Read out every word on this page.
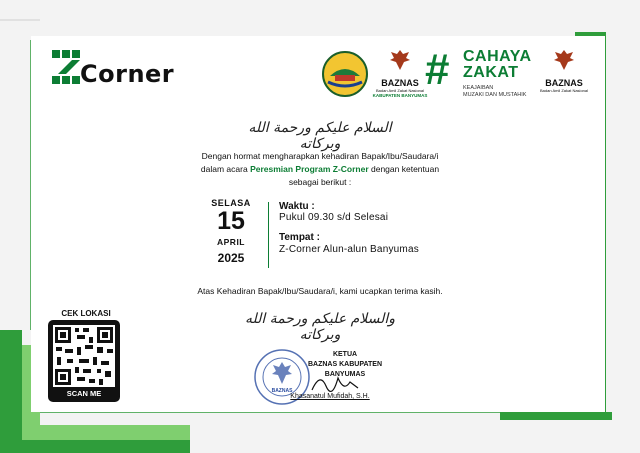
Corner	BAZNAS
Badan Amil Zakat Nasional
KABUPATEN BANYUMAS
# CAHAYA
ZAKAT
KEAJAIBAN
MUZAKI DAN MUSTAHIK
BAZNAS
Badan Amil Zakat Nasional
السلام عليكم ورحمة الله وبركاته
Dengan hormat mengharapkan kehadiran Bapak/Ibu/Saudara/i
dalam acara Peresmian Program Z-Corner dengan ketentuan
sebagai berikut :
SELASA
15
APRIL
2025
Waktu :
Pukul 09.30 s/d Selesai
Tempat :
Z-Corner Alun-alun Banyumas
Atas Kehadiran Bapak/Ibu/Saudara/i, kami ucapkan terima kasih.
والسلام عليكم ورحمة الله وبركاته
CEK LOKASI
SCAN ME	BAZNAS
KETUA
BAZNAS KABUPATEN BANYUMAS
Khasanatul Mufidah, S.H.
